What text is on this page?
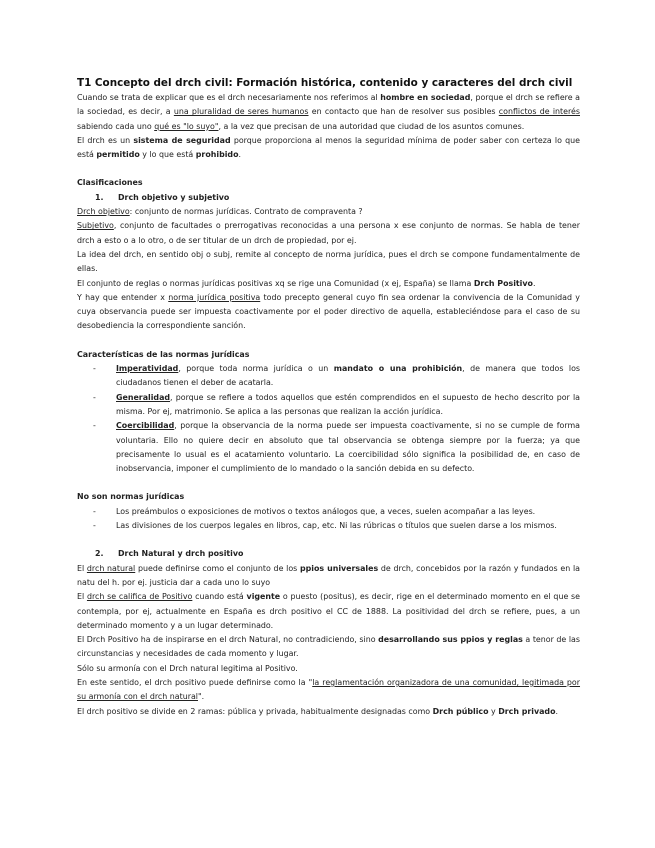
T1 Concepto del drch civil: Formación histórica, contenido y caracteres del drch civil

Cuando se trata de explicar que es el drch necesariamente nos referimos al hombre en sociedad, porque el drch se refiere a la sociedad, es decir, a una pluralidad de seres humanos en contacto que han de resolver sus posibles conflictos de interés sabiendo cada uno qué es "lo suyo", a la vez que precisan de una autoridad que ciudad de los asuntos comunes.

El drch es un sistema de seguridad porque proporciona al menos la seguridad mínima de poder saber con certeza lo que está permitido y lo que está prohibido.

Clasificaciones
1. Drch objetivo y subjetivo

Drch objetivo: conjunto de normas jurídicas. Contrato de compraventa ?

Subjetivo, conjunto de facultades o prerrogativas reconocidas a una persona x ese conjunto de normas. Se habla de tener drch a esto o a lo otro, o de ser titular de un drch de propiedad, por ej.

La idea del drch, en sentido obj o subj, remite al concepto de norma jurídica, pues el drch se compone fundamentalmente de ellas.

El conjunto de reglas o normas jurídicas positivas xq se rige una Comunidad (x ej, España) se llama Drch Positivo.

Y hay que entender x norma jurídica positiva todo precepto general cuyo fin sea ordenar la convivencia de la Comunidad y cuya observancia puede ser impuesta coactivamente por el poder directivo de aquella, estableciéndose para el caso de su desobediencia la correspondiente sanción.

Características de las normas jurídicas

-	Imperatividad, porque toda norma jurídica o un mandato o una prohibición, de manera que todos los ciudadanos tienen el deber de acatarla.

-	Generalidad, porque se refiere a todos aquellos que estén comprendidos en el supuesto de hecho descrito por la misma. Por ej, matrimonio. Se aplica a las personas que realizan la acción jurídica.

-	Coercibilidad, porque la observancia de la norma puede ser impuesta coactivamente, si no se cumple de forma voluntaria. Ello no quiere decir en absoluto que tal observancia se obtenga siempre por la fuerza; ya que precisamente lo usual es el acatamiento voluntario. La coercibilidad sólo significa la posibilidad de, en caso de inobservancia, imponer el cumplimiento de lo mandado o la sanción debida en su defecto.

No son normas jurídicas

-	Los preámbulos o exposiciones de motivos o textos análogos que, a veces, suelen acompañar a las leyes.

-	Las divisiones de los cuerpos legales en libros, cap, etc. Ni las rúbricas o títulos que suelen darse a los mismos.

2. Drch Natural y drch positivo

El drch natural puede definirse como el conjunto de los ppios universales de drch, concebidos por la razón y fundados en la natu del h. por ej. justicia dar a cada uno lo suyo

El drch se califica de Positivo cuando está vigente o puesto (positus), es decir, rige en el determinado momento en el que se contempla, por ej, actualmente en España es drch positivo el CC de 1888. La positividad del drch se refiere, pues, a un determinado momento y a un lugar determinado.

El Drch Positivo ha de inspirarse en el drch Natural, no contradiciendo, sino desarrollando sus ppios y reglas a tenor de las circunstancias y necesidades de cada momento y lugar.

Sólo su armonía con el Drch natural legitima al Positivo.

En este sentido, el drch positivo puede definirse como la "la reglamentación organizadora de una comunidad, legitimada por su armonía con el drch natural".

El drch positivo se divide en 2 ramas: pública y privada, habitualmente designadas como Drch público y Drch privado.
